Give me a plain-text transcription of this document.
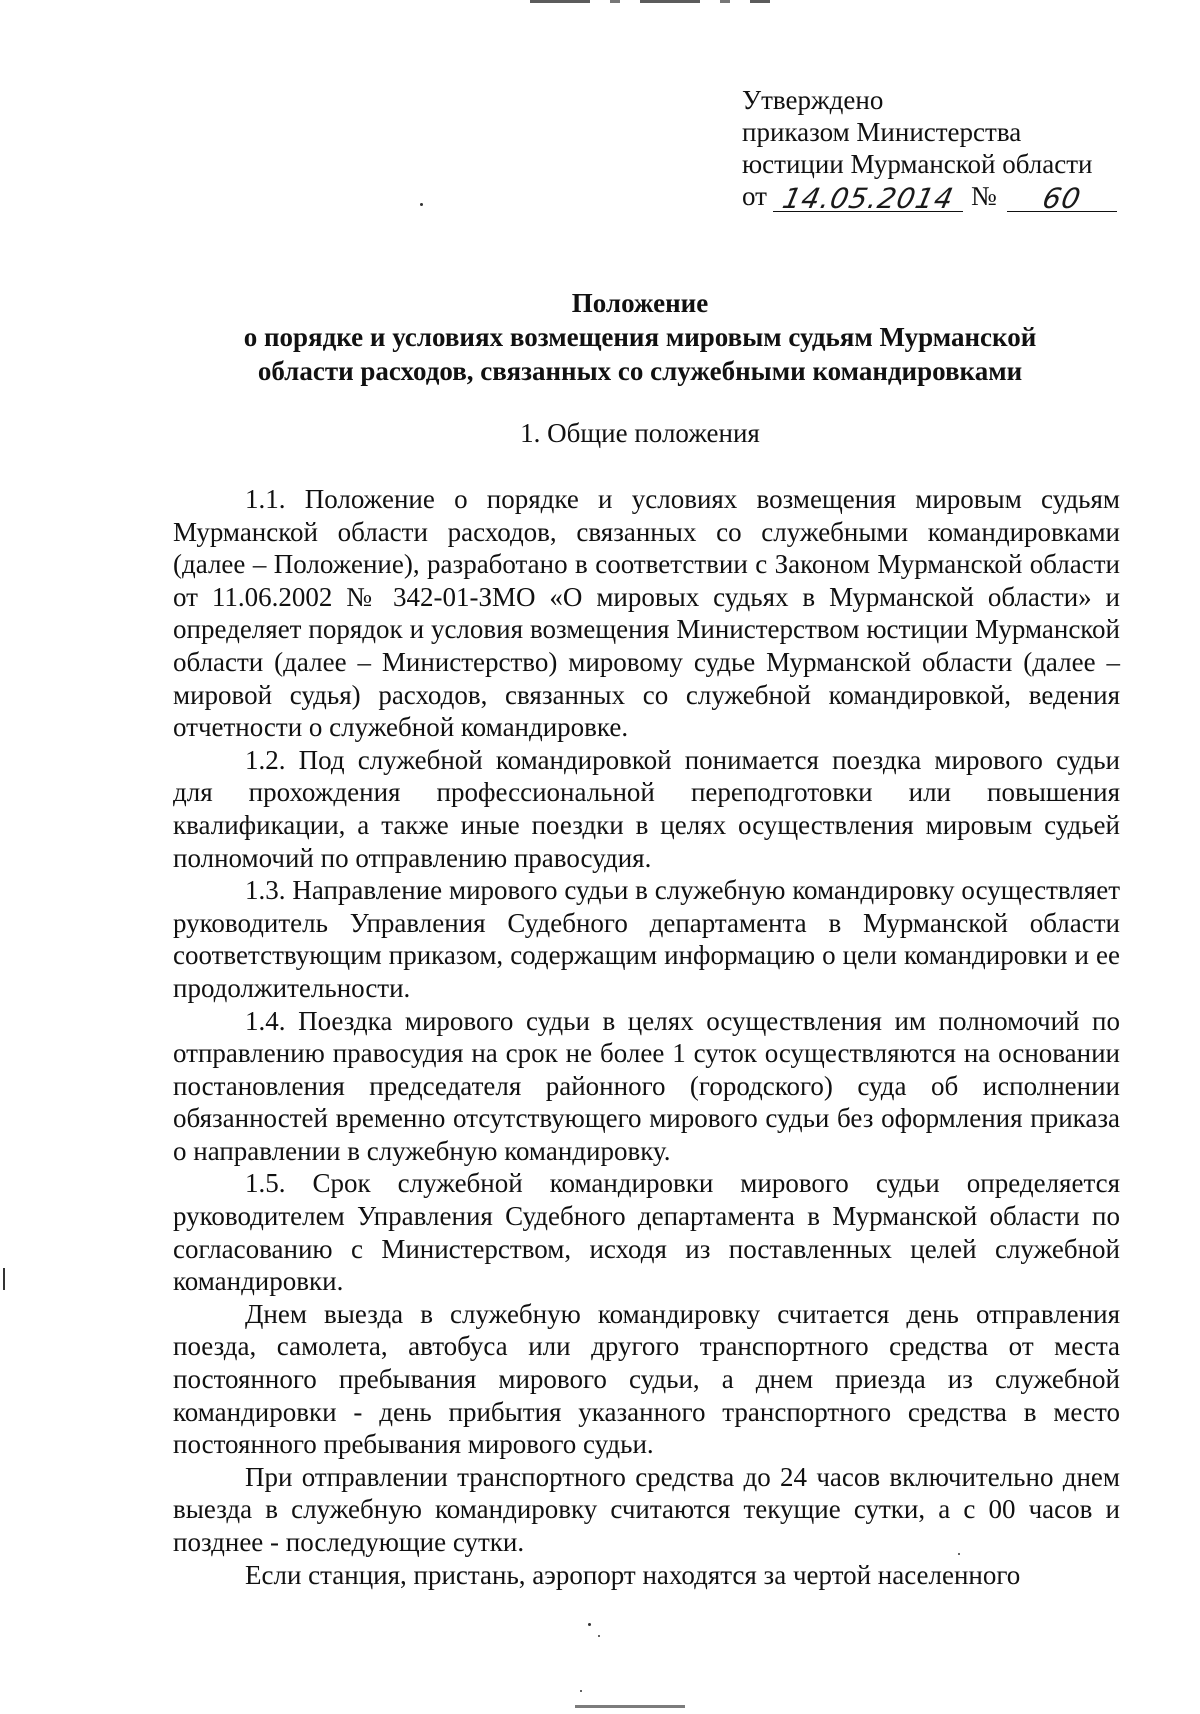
Утверждено
приказом Министерства
юстиции Мурманской области
от 14.05.2014 №	60
Положение
о порядке и условиях возмещения мировым судьям Мурманской
области расходов, связанных со служебными командировками
1. Общие положения

1.1. Положение о порядке и условиях возмещения мировым судьям Мурманской области расходов, связанных со служебными командировками (далее – Положение), разработано в соответствии с Законом Мурманской области от 11.06.2002 № 342-01-ЗМО «О мировых судьях в Мурманской области» и определяет порядок и условия возмещения Министерством юстиции Мурманской области (далее – Министерство) мировому судье Мурманской области (далее – мировой судья) расходов, связанных со служебной командировкой, ведения отчетности о служебной командировке.

1.2. Под служебной командировкой понимается поездка мирового судьи для прохождения профессиональной переподготовки или повышения квалификации, а также иные поездки в целях осуществления мировым судьей полномочий по отправлению правосудия.

1.3. Направление мирового судьи в служебную командировку осуществляет руководитель Управления Судебного департамента в Мурманской области соответствующим приказом, содержащим информацию о цели командировки и ее продолжительности.

1.4. Поездка мирового судьи в целях осуществления им полномочий по отправлению правосудия на срок не более 1 суток осуществляются на основании постановления председателя районного (городского) суда об исполнении обязанностей временно отсутствующего мирового судьи без оформления приказа о направлении в служебную командировку.

1.5. Срок служебной командировки мирового судьи определяется руководителем Управления Судебного департамента в Мурманской области по согласованию с Министерством, исходя из поставленных целей служебной командировки.

Днем выезда в служебную командировку считается день отправления поезда, самолета, автобуса или другого транспортного средства от места постоянного пребывания мирового судьи, а днем приезда из служебной командировки - день прибытия указанного транспортного средства в место постоянного пребывания мирового судьи.

При отправлении транспортного средства до 24 часов включительно днем выезда в служебную командировку считаются текущие сутки, а с 00 часов и позднее - последующие сутки.

Если станция, пристань, аэропорт находятся за чертой населенного
